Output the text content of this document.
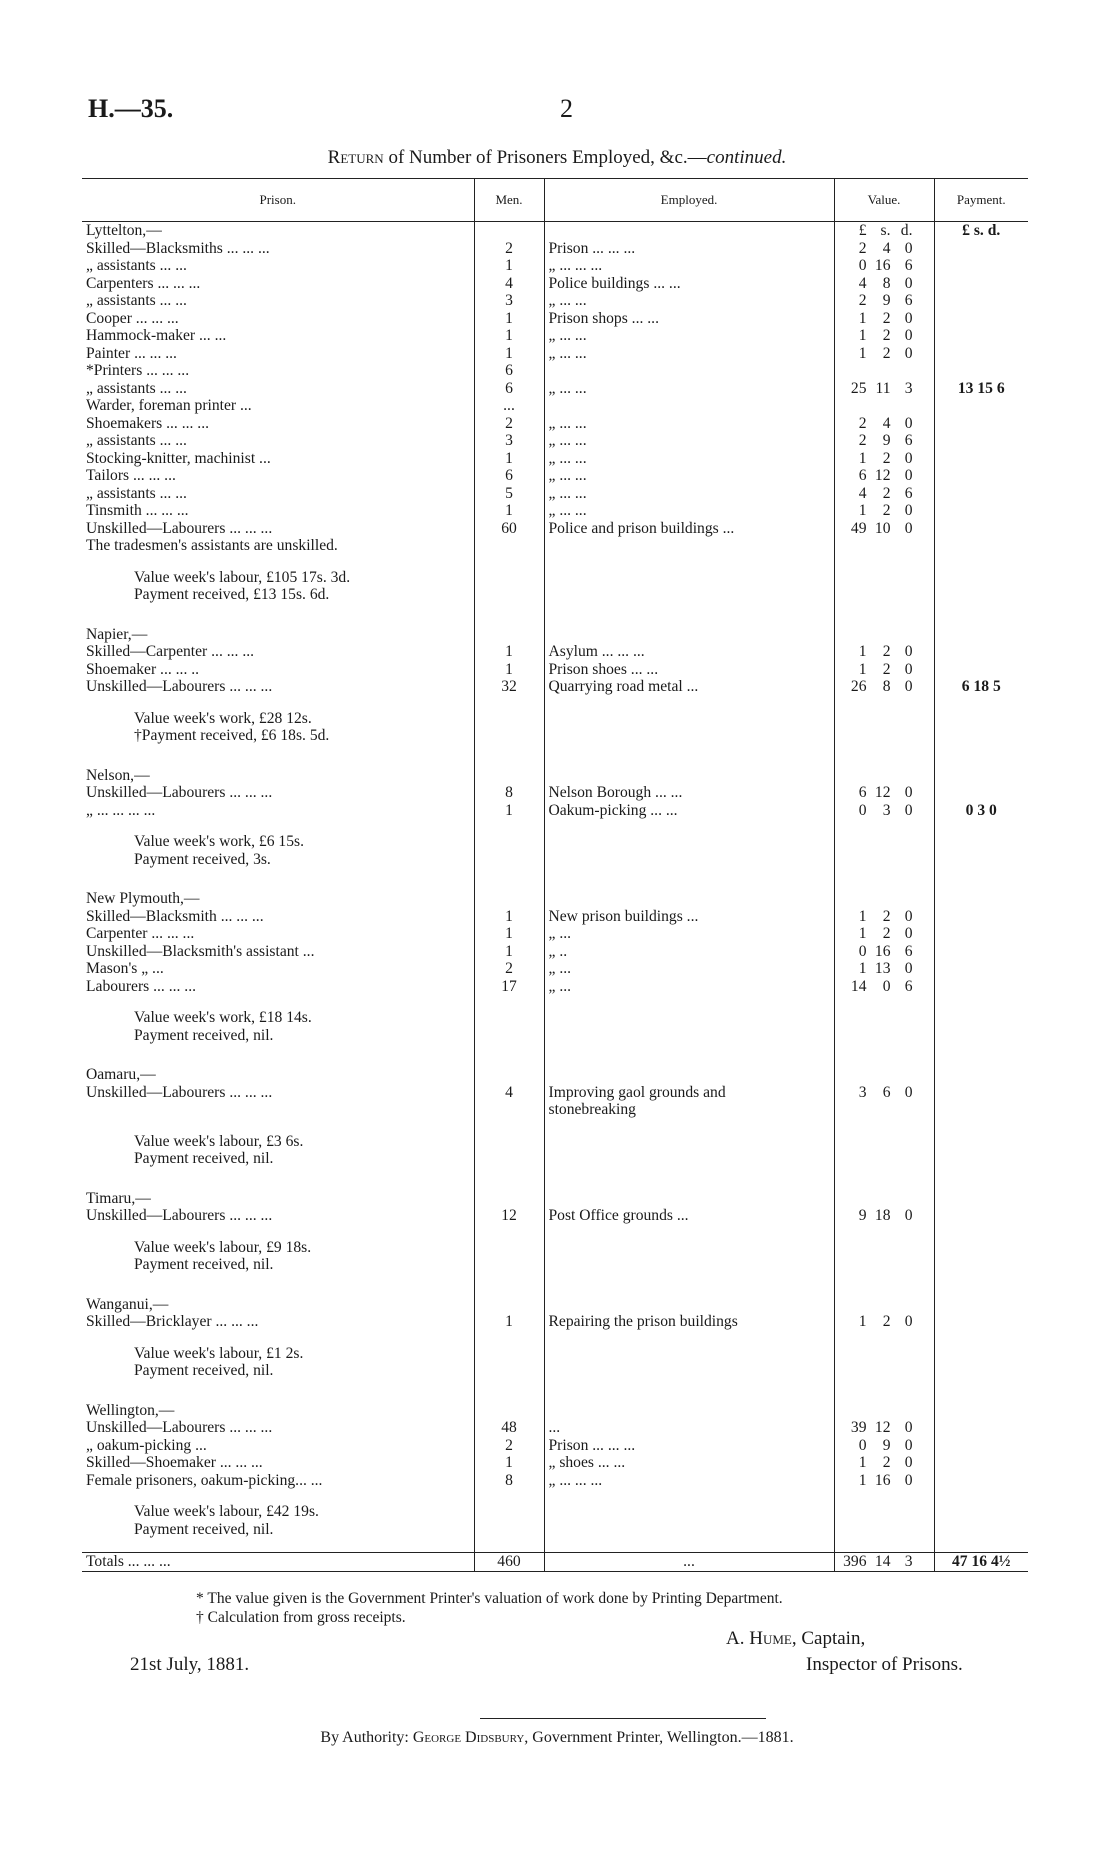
H.—35.	2
Return of Number of Prisoners Employed, &c.—continued.
Prison.	Men.	Employed.	Value.	Payment.
Lyttelton,—			£ s. d.	£ s. d.
Skilled—Blacksmiths ... ... ...	2	Prison ... ... ...	2 4 0	
„ assistants ... ...	1	„ ... ... ...	0 16 6	
Carpenters ... ... ...	4	Police buildings ... ...	4 8 0	
„ assistants ... ...	3	„ ... ...	2 9 6	
Cooper ... ... ...	1	Prison shops ... ...	1 2 0	
Hammock-maker ... ...	1	„ ... ...	1 2 0	
Painter ... ... ...	1	„ ... ...	1 2 0	
*Printers ... ... ...	6	

„ assistants ... ...	6	„ ... ...	25 11 3	13 15 6
Warder, foreman printer ...	...	

Shoemakers ... ... ...	2	„ ... ...	2 4 0	
„ assistants ... ...	3	„ ... ...	2 9 6	
Stocking-knitter, machinist ...	1	„ ... ...	1 2 0	
Tailors ... ... ...	6	„ ... ...	6 12 0	
„ assistants ... ...	5	„ ... ...	4 2 6	
Tinsmith ... ... ...	1	„ ... ...	1 2 0	
Unskilled—Labourers ... ... ...	60	Police and prison buildings ...	49 10 0	
The tradesmen's assistants are unskilled.				

Value week's labour, £105 17s. 3d.				
Payment received, £13 15s. 6d.				

Napier,—				
Skilled—Carpenter ... ... ...	1	Asylum ... ... ...	1 2 0	
Shoemaker ... ... ..	1	Prison shoes ... ...	1 2 0	
Unskilled—Labourers ... ... ...	32	Quarrying road metal ...	26 8 0	6 18 5

Value week's work, £28 12s.				
†Payment received, £6 18s. 5d.				

Nelson,—				
Unskilled—Labourers ... ... ...	8	Nelson Borough ... ...	6 12 0	
„ ... ... ... ...	1	Oakum-picking ... ...	0 3 0	0 3 0

Value week's work, £6 15s.				
Payment received, 3s.				

New Plymouth,—				
Skilled—Blacksmith ... ... ...	1	New prison buildings ...	1 2 0	
Carpenter ... ... ...	1	„ ...	1 2 0	
Unskilled—Blacksmith's assistant ...	1	„ ..	0 16 6	
Mason's „ ...	2	„ ...	1 13 0	
Labourers ... ... ...	17	„ ...	14 0 6	

Value week's work, £18 14s.				
Payment received, nil.				

Oamaru,—				
Unskilled—Labourers ... ... ...	4	Improving gaol grounds and
stonebreaking	3 6 0	

Value week's labour, £3 6s.				
Payment received, nil.				

Timaru,—				
Unskilled—Labourers ... ... ...	12	Post Office grounds ...	9 18 0	

Value week's labour, £9 18s.				
Payment received, nil.				

Wanganui,—				
Skilled—Bricklayer ... ... ...	1	Repairing the prison buildings	1 2 0	

Value week's labour, £1 2s.				
Payment received, nil.				

Wellington,—				
Unskilled—Labourers ... ... ...	48	...	39 12 0	
„ oakum-picking ...	2	Prison ... ... ...	0 9 0	
Skilled—Shoemaker ... ... ...	1	„ shoes ... ...	1 2 0	
Female prisoners, oakum-picking... ...	8	„ ... ... ...	1 16 0	

Value week's labour, £42 19s.				
Payment received, nil.				

Totals ... ... ...	460	...	396 14 3	47 16 4½
* The value given is the Government Printer's valuation of work done by Printing Department.
† Calculation from gross receipts.
21st July, 1881.
A. Hume, Captain,
Inspector of Prisons.
By Authority: George Didsbury, Government Printer, Wellington.—1881.
